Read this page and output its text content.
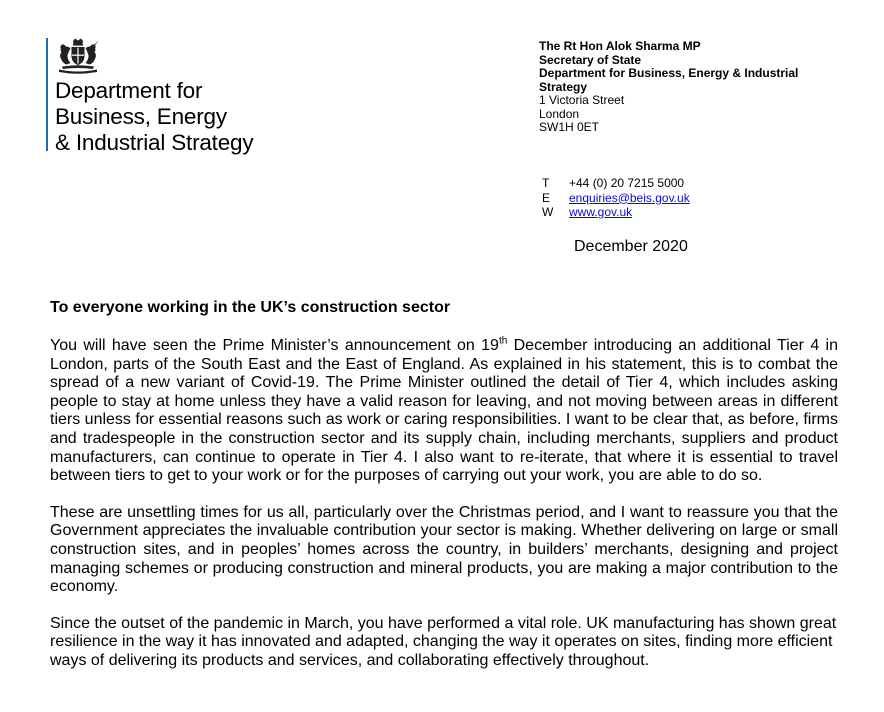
Department for
Business, Energy
& Industrial Strategy
The Rt Hon Alok Sharma MP
Secretary of State
Department for Business, Energy & Industrial
Strategy
1 Victoria Street
London
SW1H 0ET
T	+44 (0) 20 7215 5000
E	enquiries@beis.gov.uk
W	www.gov.uk
December 2020
To everyone working in the UK’s construction sector

You will have seen the Prime Minister’s announcement on 19th December introducing an additional Tier 4 in London, parts of the South East and the East of England. As explained in his statement, this is to combat the spread of a new variant of Covid-19. The Prime Minister outlined the detail of Tier 4, which includes asking people to stay at home unless they have a valid reason for leaving, and not moving between areas in different tiers unless for essential reasons such as work or caring responsibilities. I want to be clear that, as before, firms and tradespeople in the construction sector and its supply chain, including merchants, suppliers and product manufacturers, can continue to operate in Tier 4. I also want to re-iterate, that where it is essential to travel between tiers to get to your work or for the purposes of carrying out your work, you are able to do so.

These are unsettling times for us all, particularly over the Christmas period, and I want to reassure you that the Government appreciates the invaluable contribution your sector is making. Whether delivering on large or small construction sites, and in peoples’ homes across the country, in builders’ merchants, designing and project managing schemes or producing construction and mineral products, you are making a major contribution to the economy.

Since the outset of the pandemic in March, you have performed a vital role. UK manufacturing has shown great resilience in the way it has innovated and adapted, changing the way it operates on sites, finding more efficient ways of delivering its products and services, and collaborating effectively throughout.
